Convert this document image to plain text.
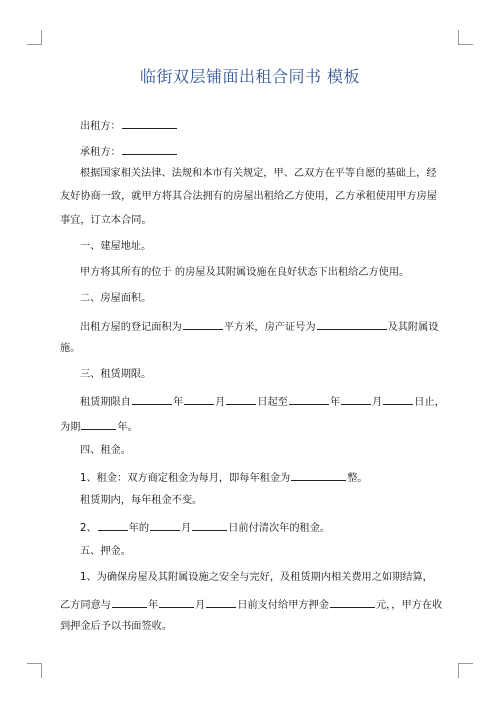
临街双层铺面出租合同书 模板
出租方：
承租方：
根据国家相关法律、法规和本市有关规定，甲、乙双方在平等自愿的基础上，经
友好协商一致，就甲方将其合法拥有的房屋出租给乙方使用，乙方承租使用甲方房屋
事宜，订立本合同。
一、建屋地址。
甲方将其所有的位于 的房屋及其附属设施在良好状态下出租给乙方使用。
二、房屋面积。
出租方屋的登记面积为	平方米，房产证号为	及其附属设
施。
三、租赁期限。
租赁期限自	年	月	日起至	年	月	日止，
为期	年。
四、租金。
1、租金：双方商定租金为每月，即每年租金为	整。
租赁期内，每年租金不变。
2、	年的	月	日前付清次年的租金。
五、押金。
1、为确保房屋及其附属设施之安全与完好，及租赁期内相关费用之如期结算，
乙方同意与	年	月	日前支付给甲方押金	元，，甲方在收
到押金后予以书面签收。
